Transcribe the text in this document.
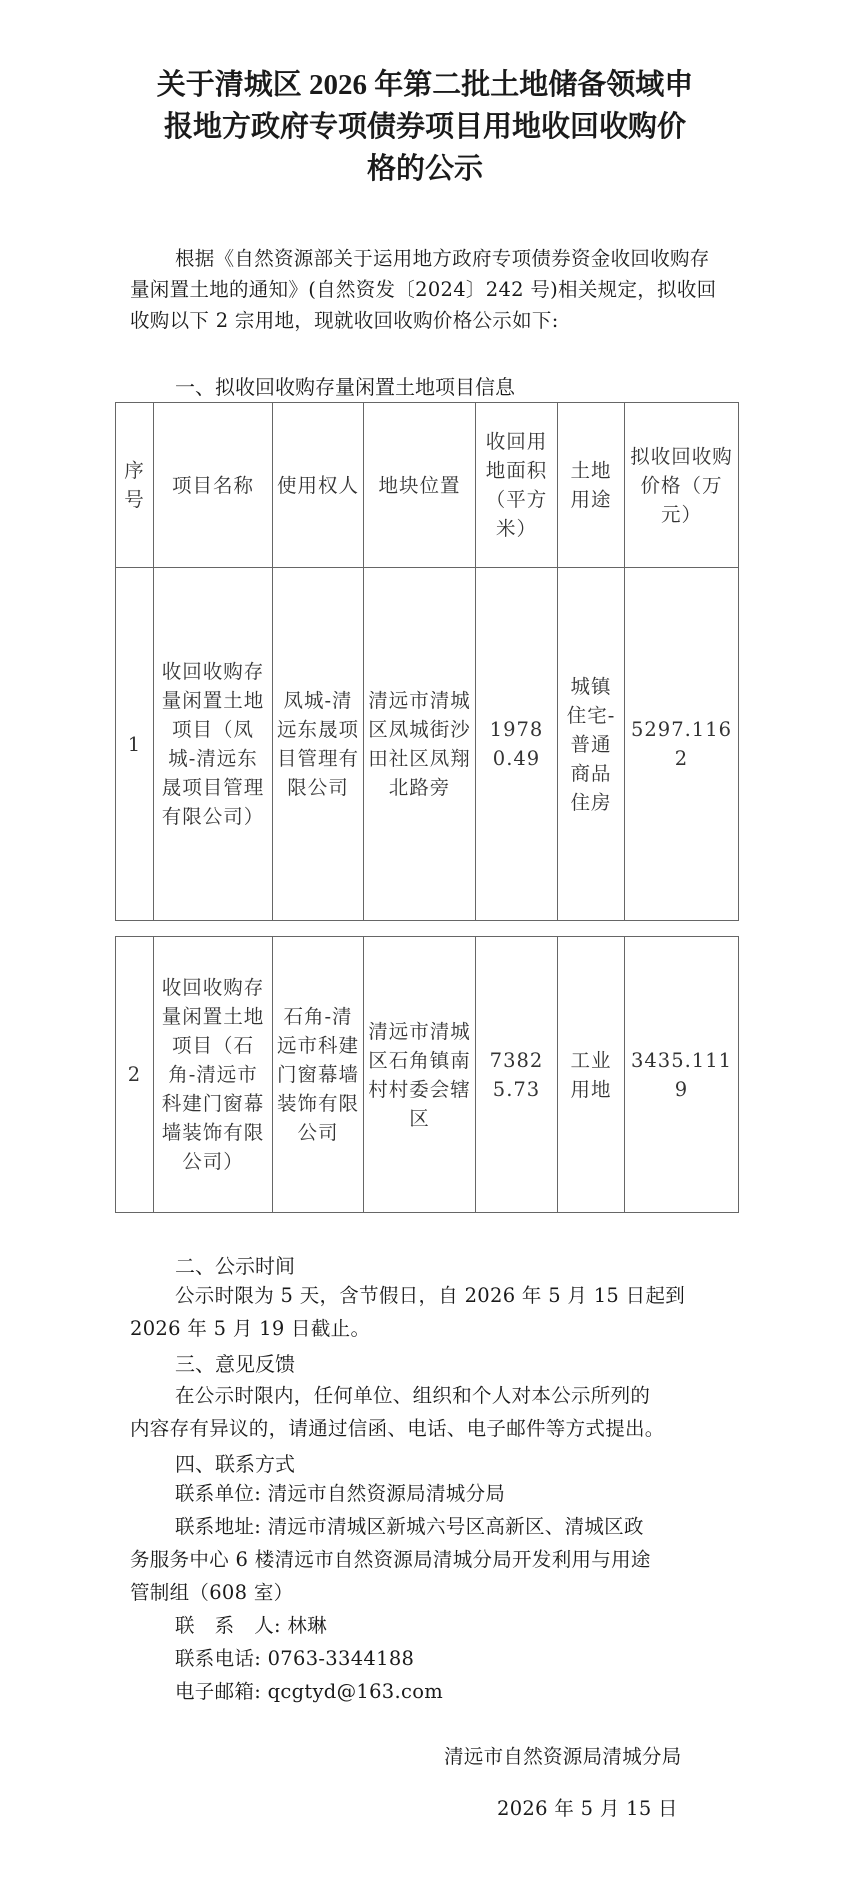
关于清城区 2026 年第二批土地储备领域申
报地方政府专项债券项目用地收回收购价
格的公示
根据《自然资源部关于运用地方政府专项债券资金收回收购存量闲置土地的通知》(自然资发〔2024〕242 号)相关规定，拟收回收购以下 2 宗用地，现就收回收购价格公示如下:
一、拟收回收购存量闲置土地项目信息
序号	项目名称	使用权人	地块位置	收回用地面积（平方米）	土地用途	拟收回收购价格（万元）
1	收回收购存量闲置土地项目（凤城-清远东晟项目管理有限公司）	凤城-清远东晟项目管理有限公司	清远市清城区凤城街沙田社区凤翔北路旁	19780.49	城镇住宅-普通商品住房	5297.1162
2	收回收购存量闲置土地项目（石角-清远市科建门窗幕墙装饰有限公司）	石角-清远市科建门窗幕墙装饰有限公司	清远市清城区石角镇南村村委会辖区	73825.73	工业用地	3435.1119
二、公示时间
公示时限为 5 天，含节假日，自 2026 年 5 月 15 日起到
2026 年 5 月 19 日截止。
三、意见反馈
在公示时限内，任何单位、组织和个人对本公示所列的
内容存有异议的，请通过信函、电话、电子邮件等方式提出。
四、联系方式
联系单位: 清远市自然资源局清城分局
联系地址: 清远市清城区新城六号区高新区、清城区政
务服务中心 6 楼清远市自然资源局清城分局开发利用与用途
管制组（608 室）
联　系　人: 林琳
联系电话: 0763-3344188
电子邮箱: qcgtyd@163.com
清远市自然资源局清城分局
2026 年 5 月 15 日
